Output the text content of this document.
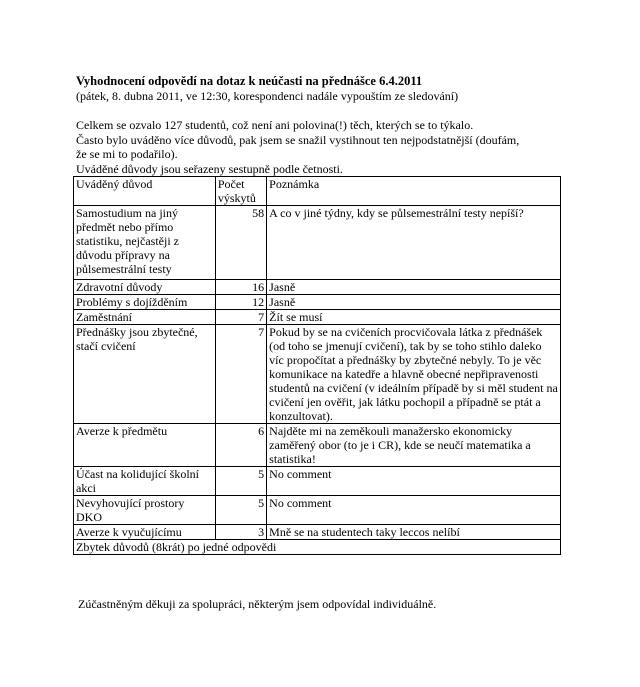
Vyhodnocení odpovědí na dotaz k neúčasti na přednášce 6.4.2011
(pátek, 8. dubna 2011, ve 12:30, korespondenci nadále vypouštím ze sledování)
Celkem se ozvalo 127 studentů, což není ani polovina(!) těch, kterých se to týkalo.
Často bylo uváděno více důvodů, pak jsem se snažil vystihnout ten nejpodstatnější (doufám,
že se mi to podařilo).
Uváděné důvody jsou seřazeny sestupně podle četnosti.
Uváděný důvod	Počet výskytů	Poznámka
Samostudium na jiný předmět nebo přímo statistiku, nejčastěji z důvodu přípravy na půlsemestrální testy	58	A co v jiné týdny, kdy se půlsemestrální testy nepíší?
Zdravotní důvody	16	Jasně
Problémy s dojížděním	12	Jasně
Zaměstnání	7	Žít se musí
Přednášky jsou zbytečné, stačí cvičení	7	Pokud by se na cvičeních procvičovala látka z přednášek (od toho se jmenují cvičení), tak by se toho stihlo daleko víc propočítat a přednášky by zbytečné nebyly. To je věc komunikace na katedře a hlavně obecné nepřipravenosti studentů na cvičení (v ideálním případě by si měl student na cvičení jen ověřit, jak látku pochopil a případně se ptát a konzultovat).
Averze k předmětu	6	Najděte mi na zeměkouli manažersko ekonomicky zaměřený obor (to je i CR), kde se neučí matematika a statistika!
Účast na kolidující školní akci	5	No comment
Nevyhovující prostory DKO	5	No comment
Averze k vyučujícímu	3	Mně se na studentech taky leccos nelíbí
Zbytek důvodů (8krát) po jedné odpovědi		
Zúčastněným děkuji za spolupráci, některým jsem odpovídal individuálně.
